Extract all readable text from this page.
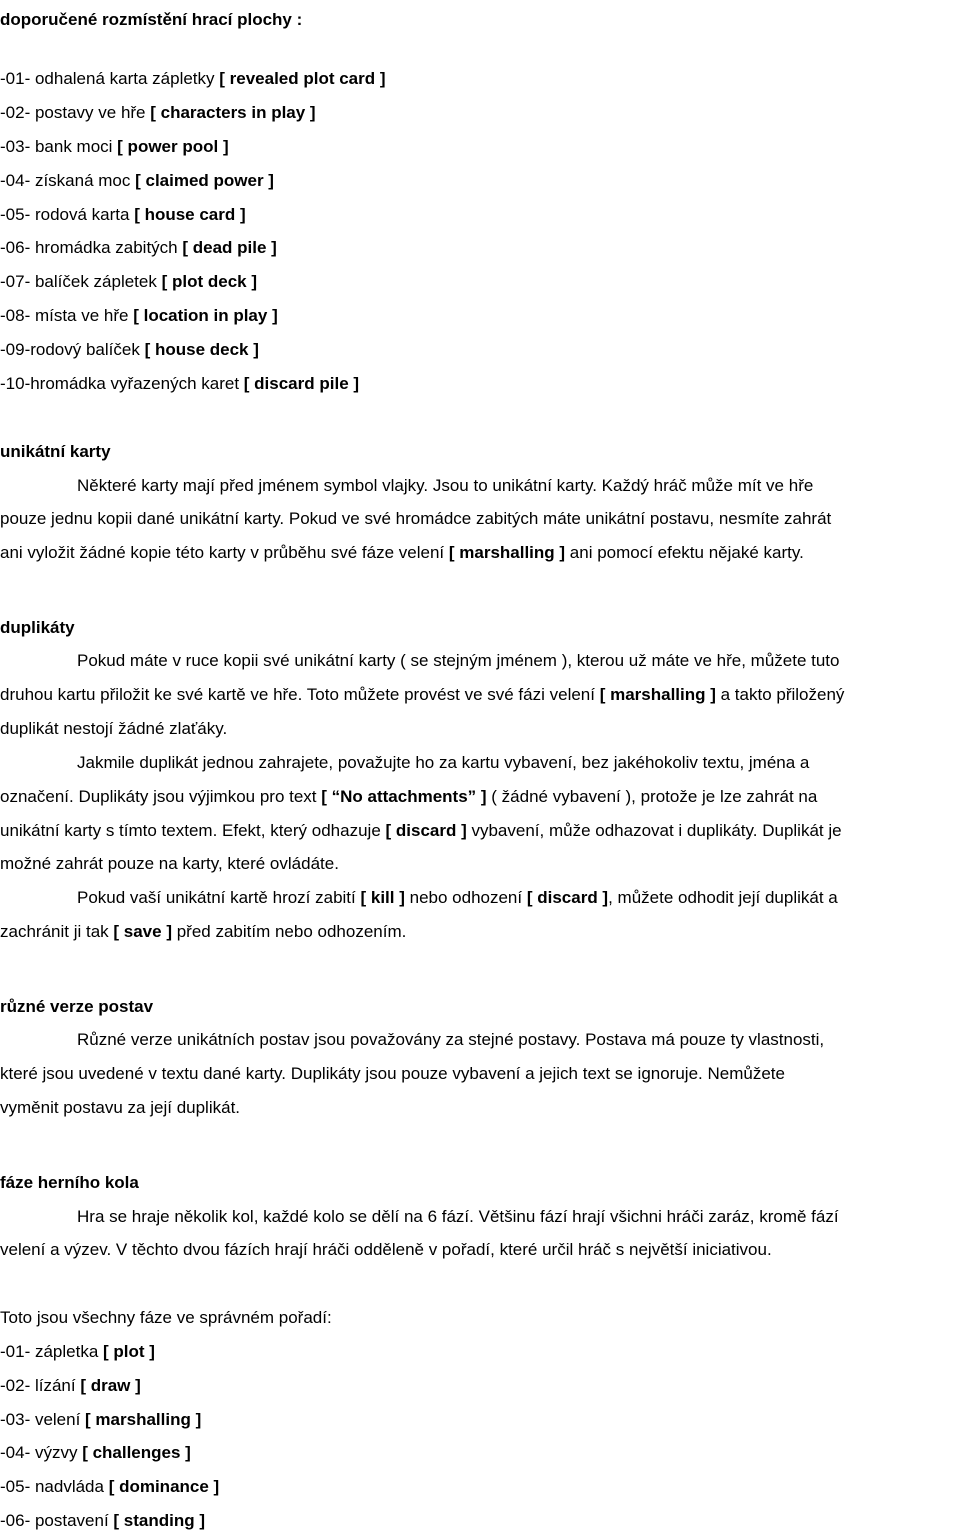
doporučené rozmístění hrací plochy :
-01- odhalená karta zápletky [ revealed plot card ]
-02- postavy ve hře [ characters in play ]
-03- bank moci [ power pool ]
-04- získaná moc [ claimed power ]
-05- rodová karta [ house card ]
-06- hromádka zabitých [ dead pile ]
-07- balíček zápletek [ plot deck ]
-08- místa ve hře [ location in play ]
-09-rodový balíček [ house deck ]
-10-hromádka vyřazených karet [ discard pile ]
unikátní karty
Některé karty mají před jménem symbol vlajky. Jsou to unikátní karty. Každý hráč může mít ve hře
pouze jednu kopii dané unikátní karty. Pokud ve své hromádce zabitých máte unikátní postavu, nesmíte zahrát
ani vyložit žádné kopie této karty v průběhu své fáze velení [ marshalling ] ani pomocí efektu nějaké karty.
duplikáty
Pokud máte v ruce kopii své unikátní karty ( se stejným jménem ), kterou už máte ve hře, můžete tuto
druhou kartu přiložit ke své kartě ve hře. Toto můžete provést ve své fázi velení [ marshalling ] a takto přiložený
duplikát nestojí žádné zlaťáky.
Jakmile duplikát jednou zahrajete, považujte ho za kartu vybavení, bez jakéhokoliv textu, jména a
označení. Duplikáty jsou výjimkou pro text [ “No attachments” ] ( žádné vybavení ), protože je lze zahrát na
unikátní karty s tímto textem. Efekt, který odhazuje [ discard ] vybavení, může odhazovat i duplikáty. Duplikát je
možné zahrát pouze na karty, které ovládáte.
Pokud vaší unikátní kartě hrozí zabití [ kill ] nebo odhození [ discard ], můžete odhodit její duplikát a
zachránit ji tak [ save ] před zabitím nebo odhozením.
různé verze postav
Různé verze unikátních postav jsou považovány za stejné postavy. Postava má pouze ty vlastnosti,
které jsou uvedené v textu dané karty. Duplikáty jsou pouze vybavení a jejich text se ignoruje. Nemůžete
vyměnit postavu za její duplikát.
fáze herního kola
Hra se hraje několik kol, každé kolo se dělí na 6 fází. Většinu fází hrají všichni hráči zaráz, kromě fází
velení a výzev. V těchto dvou fázích hrají hráči odděleně v pořadí, které určil hráč s největší iniciativou.
Toto jsou všechny fáze ve správném pořadí:
-01- zápletka [ plot ]
-02- lízání [ draw ]
-03- velení [ marshalling ]
-04- výzvy [ challenges ]
-05- nadvláda [ dominance ]
-06- postavení [ standing ]
